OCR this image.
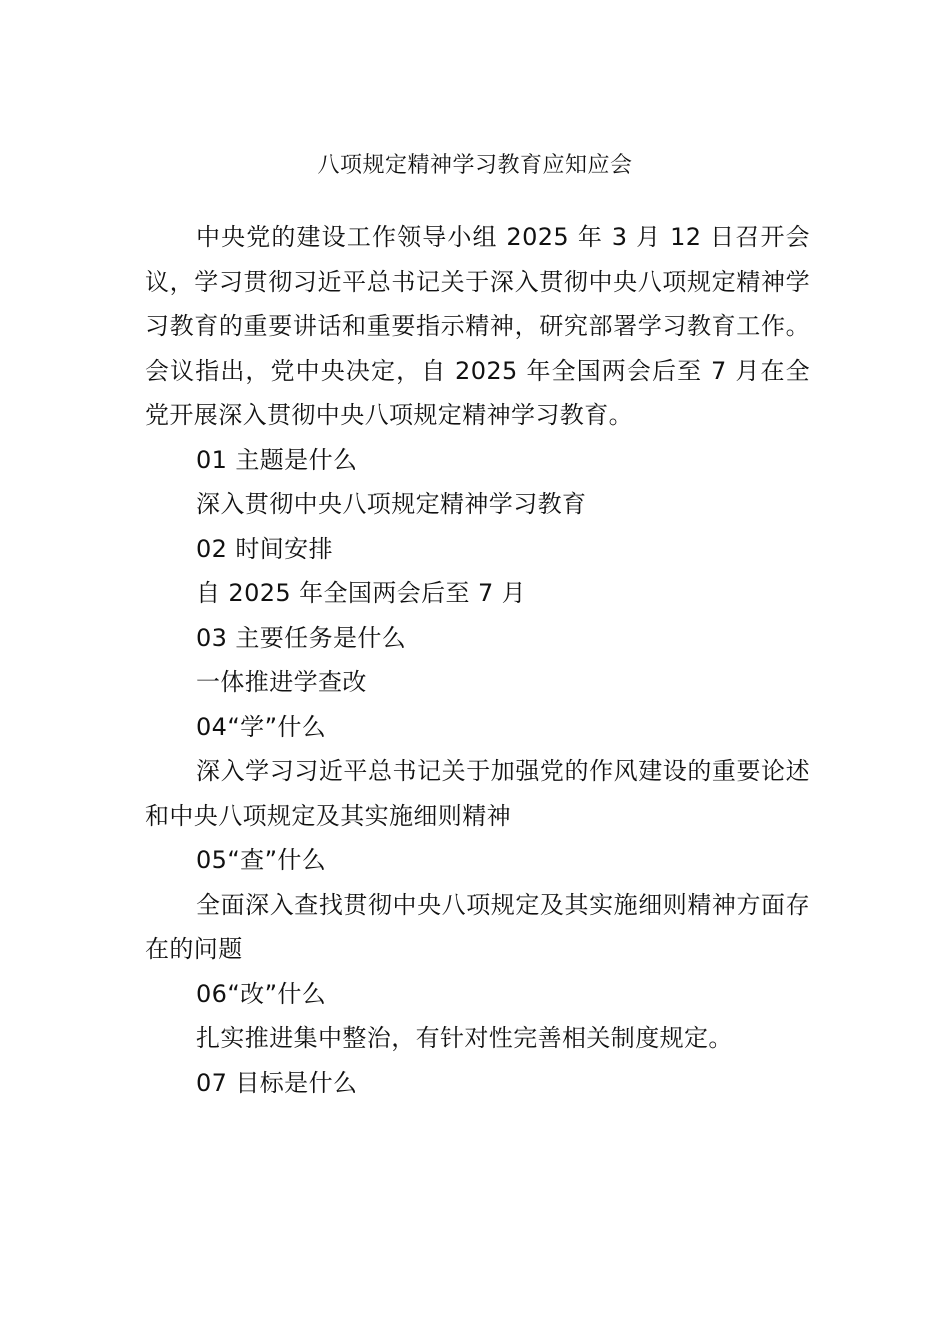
八项规定精神学习教育应知应会

中央党的建设工作领导小组 2025 年 3 月 12 日召开会议，学习贯彻习近平总书记关于深入贯彻中央八项规定精神学习教育的重要讲话和重要指示精神，研究部署学习教育工作。会议指出，党中央决定，自 2025 年全国两会后至 7 月在全党开展深入贯彻中央八项规定精神学习教育。

01 主题是什么

深入贯彻中央八项规定精神学习教育

02 时间安排

自 2025 年全国两会后至 7 月

03 主要任务是什么

一体推进学查改

04“学”什么

深入学习习近平总书记关于加强党的作风建设的重要论述和中央八项规定及其实施细则精神

05“查”什么

全面深入查找贯彻中央八项规定及其实施细则精神方面存在的问题

06“改”什么

扎实推进集中整治，有针对性完善相关制度规定。

07 目标是什么
